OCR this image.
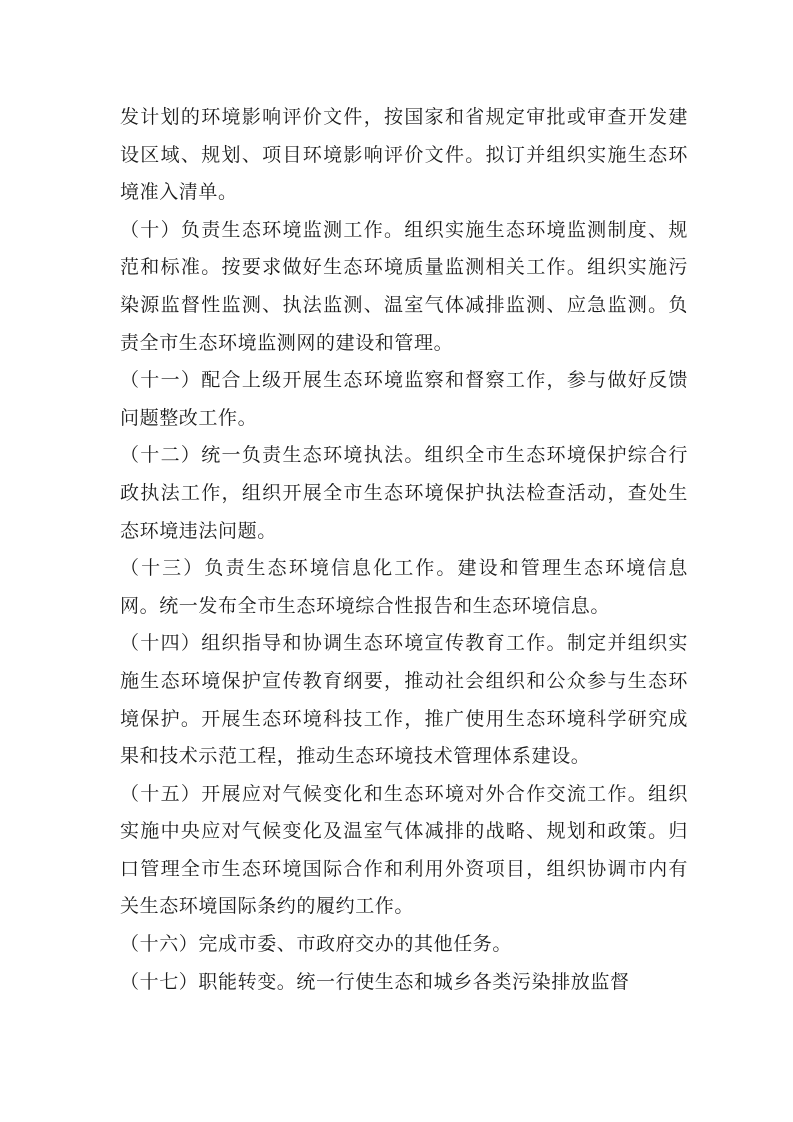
发计划的环境影响评价文件，按国家和省规定审批或审查开发建设区域、规划、项目环境影响评价文件。拟订并组织实施生态环境准入清单。

（十）负责生态环境监测工作。组织实施生态环境监测制度、规范和标准。按要求做好生态环境质量监测相关工作。组织实施污染源监督性监测、执法监测、温室气体减排监测、应急监测。负责全市生态环境监测网的建设和管理。

（十一）配合上级开展生态环境监察和督察工作，参与做好反馈问题整改工作。

（十二）统一负责生态环境执法。组织全市生态环境保护综合行政执法工作，组织开展全市生态环境保护执法检查活动，查处生态环境违法问题。

（十三）负责生态环境信息化工作。建设和管理生态环境信息网。统一发布全市生态环境综合性报告和生态环境信息。

（十四）组织指导和协调生态环境宣传教育工作。制定并组织实施生态环境保护宣传教育纲要，推动社会组织和公众参与生态环境保护。开展生态环境科技工作，推广使用生态环境科学研究成果和技术示范工程，推动生态环境技术管理体系建设。

（十五）开展应对气候变化和生态环境对外合作交流工作。组织实施中央应对气候变化及温室气体减排的战略、规划和政策。归口管理全市生态环境国际合作和利用外资项目，组织协调市内有关生态环境国际条约的履约工作。

（十六）完成市委、市政府交办的其他任务。

（十七）职能转变。统一行使生态和城乡各类污染排放监督
